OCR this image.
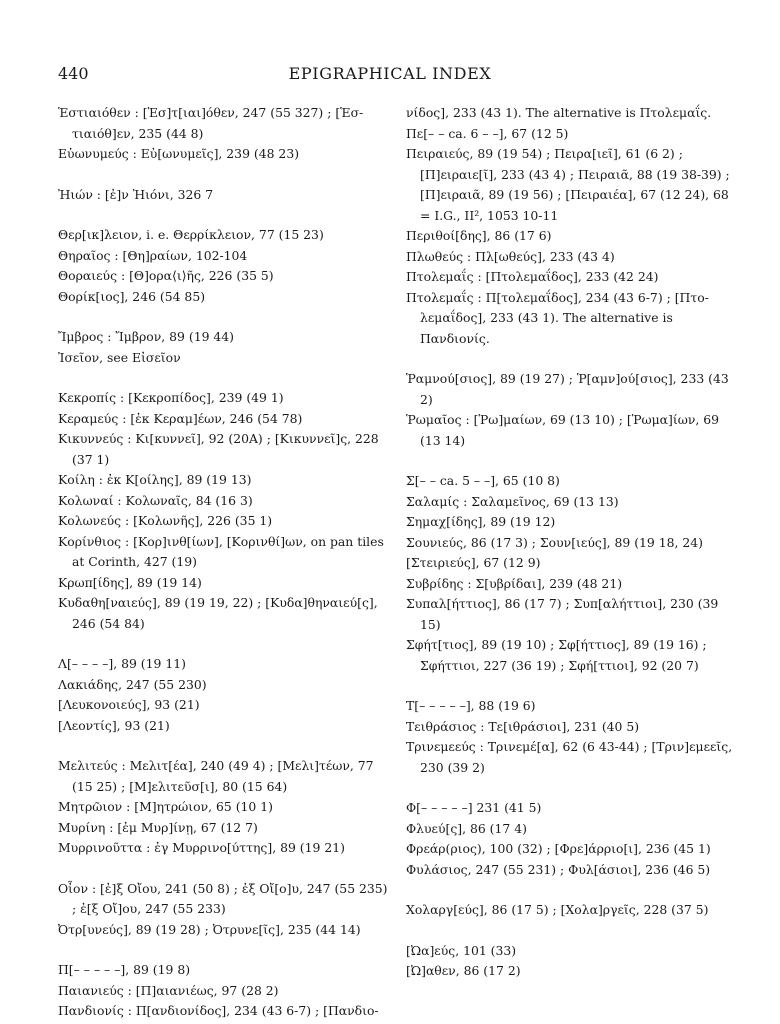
440	EPIGRAPHICAL INDEX

Ἑστιαιόθεν : [Ἑσ]τ[ιαι]όθεν, 247 (55 327) ; [Ἑσ-τιαιόθ]εν, 235 (44 8)

Εὐωνυμεύς : Εὐ[ωνυμεῖς], 239 (48 23)

Ἠιών : [ἐ]ν Ἠιόνι, 326 7

Θερ[ικ]λειον, i. e. Θερρίκλειον, 77 (15 23)

Θηραῖος : [Θη]ραίων, 102-104

Θοραιεύς : [Θ]ορα⟨ι⟩ῆς, 226 (35 5)

Θορίκ[ιος], 246 (54 85)

Ἴμβρος : Ἴμβρον, 89 (19 44)

Ἰσεῖον, see Εἰσεῖον

Κεκροπίς : [Κεκροπίδος], 239 (49 1)

Κεραμεύς : [ἐκ Κεραμ]έων, 246 (54 78)

Κικυννεύς : Κι[κυννεῖ], 92 (20A) ; [Κικυννεῖ]ς, 228 (37 1)

Κοίλη : ἐκ Κ[οίλης], 89 (19 13)

Κολωναί : Κολωναῖς, 84 (16 3)

Κολωνεύς : [Κολωνῆς], 226 (35 1)

Κορίνθιος : [Κορ]ινθ[ίων], [Κορινθί]ων, on pan tiles at Corinth, 427 (19)

Κρωπ[ίδης], 89 (19 14)

Κυδαθη[ναιεύς], 89 (19 19, 22) ; [Κυδα]θηναιεύ[ς], 246 (54 84)

Λ[– – – –], 89 (19 11)

Λακιάδης, 247 (55 230)

[Λευκονοιεύς], 93 (21)

[Λεοντίς], 93 (21)

Μελιτεύς : Μελιτ[έα], 240 (49 4) ; [Μελι]τέων, 77 (15 25) ; [Μ]ελιτεῦσ[ι], 80 (15 64)

Μητρῶιον : [Μ]ητρώιον, 65 (10 1)

Μυρίνη : [ἐμ Μυρ]ίνῃ, 67 (12 7)

Μυρρινοῦττα : ἐγ Μυρρινο[ύττης], 89 (19 21)

Οἶον : [ἐ]ξ Οἴου, 241 (50 8) ; ἐξ Οἴ[ο]υ, 247 (55 235) ; ἐ[ξ Οἴ]ου, 247 (55 233)

Ὀτρ[υνεύς], 89 (19 28) ; Ὀτρυνε[ῖς], 235 (44 14)

Π[– – – – –], 89 (19 8)

Παιανιεύς : [Π]αιανιέως, 97 (28 2)

Πανδιονίς : Π[ανδιονίδος], 234 (43 6-7) ; [Πανδιο-

νίδος], 233 (43 1). The alternative is Πτολεμαΐς.

Πε[– – ca. 6 – –], 67 (12 5)

Πειραιεύς, 89 (19 54) ; Πειρα[ιεῖ], 61 (6 2) ; [Π]ειραιε[ῖ], 233 (43 4) ; Πειραιᾶ, 88 (19 38-39) ; [Π]ειραιᾶ, 89 (19 56) ; [Πειραιέα], 67 (12 24), 68 = I.G., II², 1053 10-11

Περιθοί[δης], 86 (17 6)

Πλωθεύς : Πλ[ωθεύς], 233 (43 4)

Πτολεμαΐς : [Πτολεμαΐδος], 233 (42 24)

Πτολεμαΐς : Π[τολεμαΐδος], 234 (43 6-7) ; [Πτο-λεμαΐδος], 233 (43 1). The alternative is Πανδιονίς.

Ῥαμνού[σιος], 89 (19 27) ; Ῥ[αμν]ού[σιος], 233 (43 2)

Ῥωμαῖος : [Ῥω]μαίων, 69 (13 10) ; [Ῥωμα]ίων, 69 (13 14)

Σ[– – ca. 5 – –], 65 (10 8)

Σαλαμίς : Σαλαμεῖνος, 69 (13 13)

Σημαχ[ίδης], 89 (19 12)

Σουνιεύς, 86 (17 3) ; Σουν[ιεύς], 89 (19 18, 24)

[Στειριεύς], 67 (12 9)

Συβρίδης : Σ[υβρίδαι], 239 (48 21)

Συπαλ[ήττιος], 86 (17 7) ; Συπ[αλήττιοι], 230 (39 15)

Σφήτ[τιος], 89 (19 10) ; Σφ[ήττιος], 89 (19 16) ; Σφήττιοι, 227 (36 19) ; Σφή[ττιοι], 92 (20 7)

Τ[– – – – –], 88 (19 6)

Τειθράσιος : Τε[ιθράσιοι], 231 (40 5)

Τρινεμεεύς : Τρινεμέ[α], 62 (6 43-44) ; [Τριν]εμεεῖς, 230 (39 2)

Φ[– – – – –] 231 (41 5)

Φλυεύ[ς], 86 (17 4)

Φρεάρ(ριος), 100 (32) ; [Φρε]άρριο[ι], 236 (45 1)

Φυλάσιος, 247 (55 231) ; Φυλ[άσιοι], 236 (46 5)

Χολαργ[εύς], 86 (17 5) ; [Χολα]ργεῖς, 228 (37 5)

[Ὠα]εύς, 101 (33)

[Ὠ]αθεν, 86 (17 2)
